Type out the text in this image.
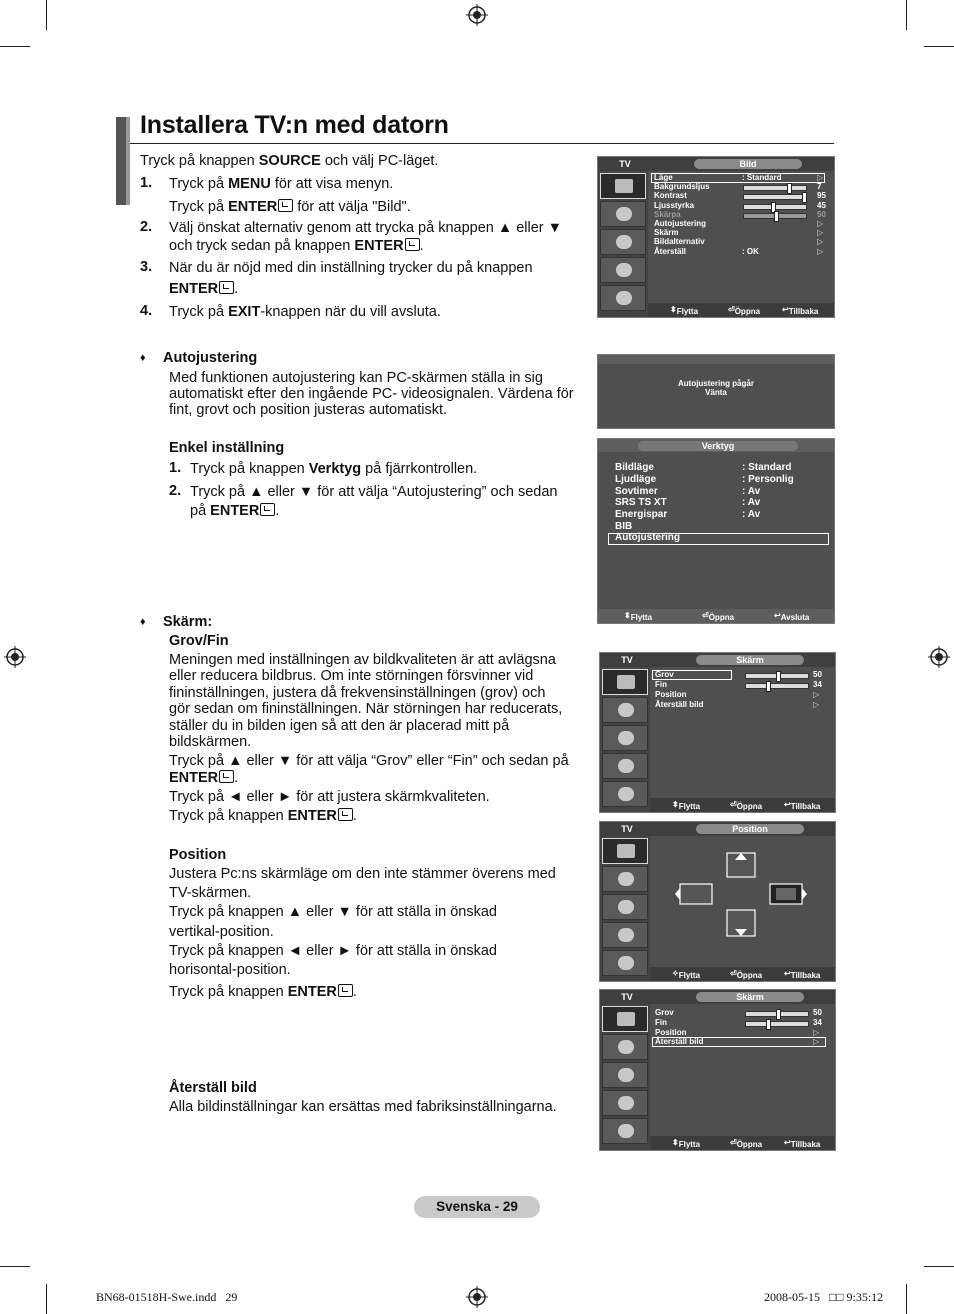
Installera TV:n med datorn
Tryck på knappen SOURCE och välj PC-läget.
1. Tryck på MENU för att visa menyn.
Tryck på ENTER för att välja "Bild".
2. Välj önskat alternativ genom att trycka på knappen ▲ eller ▼
och tryck sedan på knappen ENTER .
3. När du är nöjd med din inställning trycker du på knappen
ENTER .
4. Tryck på EXIT-knappen när du vill avsluta.
♦ Autojustering
Med funktionen autojustering kan PC-skärmen ställa in sig
automatiskt efter den ingående PC- videosignalen. Värdena för
fint, grovt och position justeras automatiskt.
Enkel inställning
1. Tryck på knappen Verktyg på fjärrkontrollen.
2. Tryck på ▲ eller ▼ för att välja “Autojustering” och sedan
på ENTER .
♦ Skärm:
Grov/Fin
Meningen med inställningen av bildkvaliteten är att avlägsna
eller reducera bildbrus. Om inte störningen försvinner vid
fininställningen, justera då frekvensinställningen (grov) och
gör sedan om fininställningen. När störningen har reducerats,
ställer du in bilden igen så att den är placerad mitt på
bildskärmen.
Tryck på ▲ eller ▼ för att välja “Grov” eller “Fin” och sedan på
ENTER .
Tryck på ◄ eller ► för att justera skärmkvaliteten.
Tryck på knappen ENTER .
Position
Justera Pc:ns skärmläge om den inte stämmer överens med
TV-skärmen.
Tryck på knappen ▲ eller ▼ för att ställa in önskad
vertikal-position.
Tryck på knappen ◄ eller ► för att ställa in önskad
horisontal-position.
Tryck på knappen ENTER .
Återställ bild
Alla bildinställningar kan ersättas med fabriksinställningarna.
TV	Bild
Läge	: Standard
Bakgrundsljus	7
Kontrast	95
Ljusstyrka	45
Skärpa	50
Autojustering	▷
Skärm	▷
Bildalternativ	▷
Återställ	: OK	▷
▷
⬍ Flytta	⏎ Öppna	↩ Tillbaka
Autojustering pågår
Vänta
Verktyg
Bildläge	: Standard
Ljudläge	: Personlig
Sovtimer	: Av
SRS TS XT	: Av
Energispar	: Av
BIB
Autojustering
⬍ Flytta	⏎ Öppna	↩ Avsluta
TV	Skärm
Grov	50
Fin	34
Position	▷
Återställ bild	▷
⬍ Flytta	⏎ Öppna	↩ Tillbaka
TV	Position
✧ Flytta	⏎ Öppna	↩ Tillbaka
TV	Skärm
Grov	50
Fin	34
Position	▷
Återställ bild	▷
⬍ Flytta	⏎ Öppna	↩ Tillbaka
Svenska - 29
BN68-01518H-Swe.indd   29	2008-05-15   □□ 9:35:12
